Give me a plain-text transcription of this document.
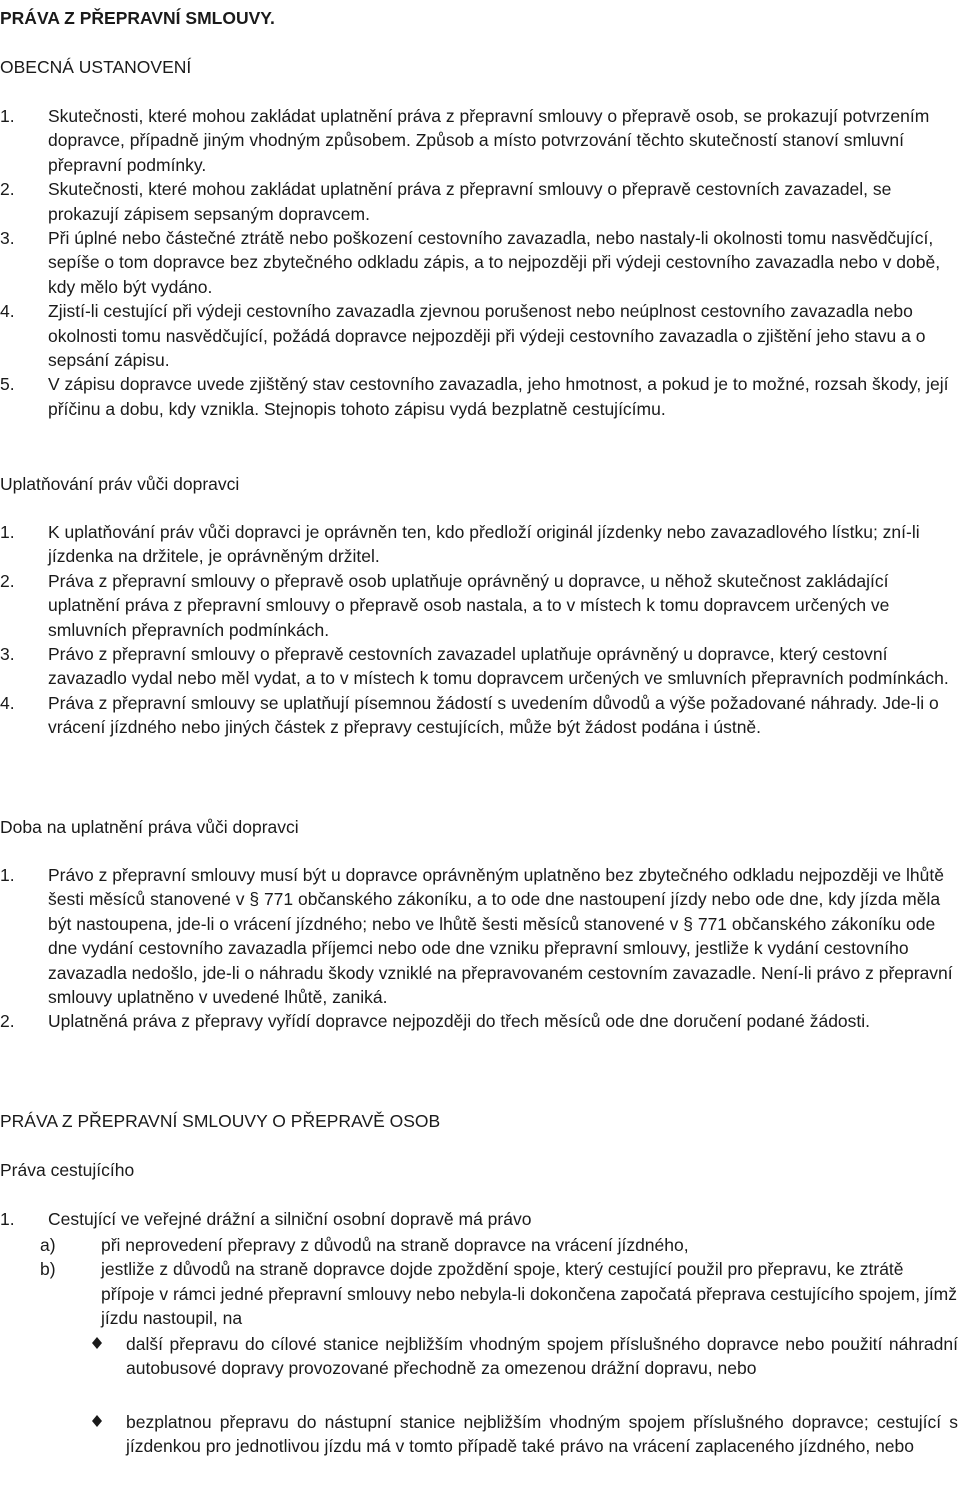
PRÁVA Z PŘEPRAVNÍ SMLOUVY.
OBECNÁ USTANOVENÍ
1. Skutečnosti, které mohou zakládat uplatnění práva z přepravní smlouvy o přepravě osob, se prokazují potvrzením dopravce, případně jiným vhodným způsobem. Způsob a místo potvrzování těchto skutečností stanoví smluvní přepravní podmínky.
2. Skutečnosti, které mohou zakládat uplatnění práva z přepravní smlouvy o přepravě cestovních zavazadel, se prokazují zápisem sepsaným dopravcem.
3. Při úplné nebo částečné ztrátě nebo poškození cestovního zavazadla, nebo nastaly-li okolnosti tomu nasvědčující, sepíše o tom dopravce bez zbytečného odkladu zápis, a to nejpozději při výdeji cestovního zavazadla nebo v době, kdy mělo být vydáno.
4. Zjistí-li cestující při výdeji cestovního zavazadla zjevnou porušenost nebo neúplnost cestovního zavazadla nebo okolnosti tomu nasvědčující, požádá dopravce nejpozději při výdeji cestovního zavazadla o zjištění jeho stavu a o sepsání zápisu.
5. V zápisu dopravce uvede zjištěný stav cestovního zavazadla, jeho hmotnost, a pokud je to možné, rozsah škody, její příčinu a dobu, kdy vznikla. Stejnopis tohoto zápisu vydá bezplatně cestujícímu.
Uplatňování práv vůči dopravci
1. K uplatňování práv vůči dopravci je oprávněn ten, kdo předloží originál jízdenky nebo zavazadlového lístku; zní-li jízdenka na držitele, je oprávněným držitel.
2. Práva z přepravní smlouvy o přepravě osob uplatňuje oprávněný u dopravce, u něhož skutečnost zakládající uplatnění práva z přepravní smlouvy o přepravě osob nastala, a to v místech k tomu dopravcem určených ve smluvních přepravních podmínkách.
3. Právo z přepravní smlouvy o přepravě cestovních zavazadel uplatňuje oprávněný u dopravce, který cestovní zavazadlo vydal nebo měl vydat, a to v místech k tomu dopravcem určených ve smluvních přepravních podmínkách.
4. Práva z přepravní smlouvy se uplatňují písemnou žádostí s uvedením důvodů a výše požadované náhrady. Jde-li o vrácení jízdného nebo jiných částek z přepravy cestujících, může být žádost podána i ústně.
Doba na uplatnění práva vůči dopravci
1. Právo z přepravní smlouvy musí být u dopravce oprávněným uplatněno bez zbytečného odkladu nejpozději ve lhůtě šesti měsíců stanovené v § 771 občanského zákoníku, a to ode dne nastoupení jízdy nebo ode dne, kdy jízda měla být nastoupena, jde-li o vrácení jízdného; nebo ve lhůtě šesti měsíců stanovené v § 771 občanského zákoníku ode dne vydání cestovního zavazadla příjemci nebo ode dne vzniku přepravní smlouvy, jestliže k vydání cestovního zavazadla nedošlo, jde-li o náhradu škody vzniklé na přepravovaném cestovním zavazadle. Není-li právo z přepravní smlouvy uplatněno v uvedené lhůtě, zaniká.
2. Uplatněná práva z přepravy vyřídí dopravce nejpozději do třech měsíců ode dne doručení podané žádosti.
PRÁVA Z PŘEPRAVNÍ SMLOUVY O PŘEPRAVĚ OSOB
Práva cestujícího
1. Cestující ve veřejné drážní a silniční osobní dopravě má právo
a)	při neprovedení přepravy z důvodů na straně dopravce na vrácení jízdného,
b)	jestliže z důvodů na straně dopravce dojde zpoždění spoje, který cestující použil pro přepravu, ke ztrátě přípoje v rámci jedné přepravní smlouvy nebo nebyla-li dokončena započatá přeprava cestujícího spojem, jímž jízdu nastoupil, na
další přepravu do cílové stanice nejbližším vhodným spojem příslušného dopravce nebo použití náhradní autobusové dopravy provozované přechodně za omezenou drážní dopravu, nebo
bezplatnou přepravu do nástupní stanice nejbližším vhodným spojem příslušného dopravce; cestující s jízdenkou pro jednotlivou jízdu má v tomto případě také právo na vrácení zaplaceného jízdného, nebo
